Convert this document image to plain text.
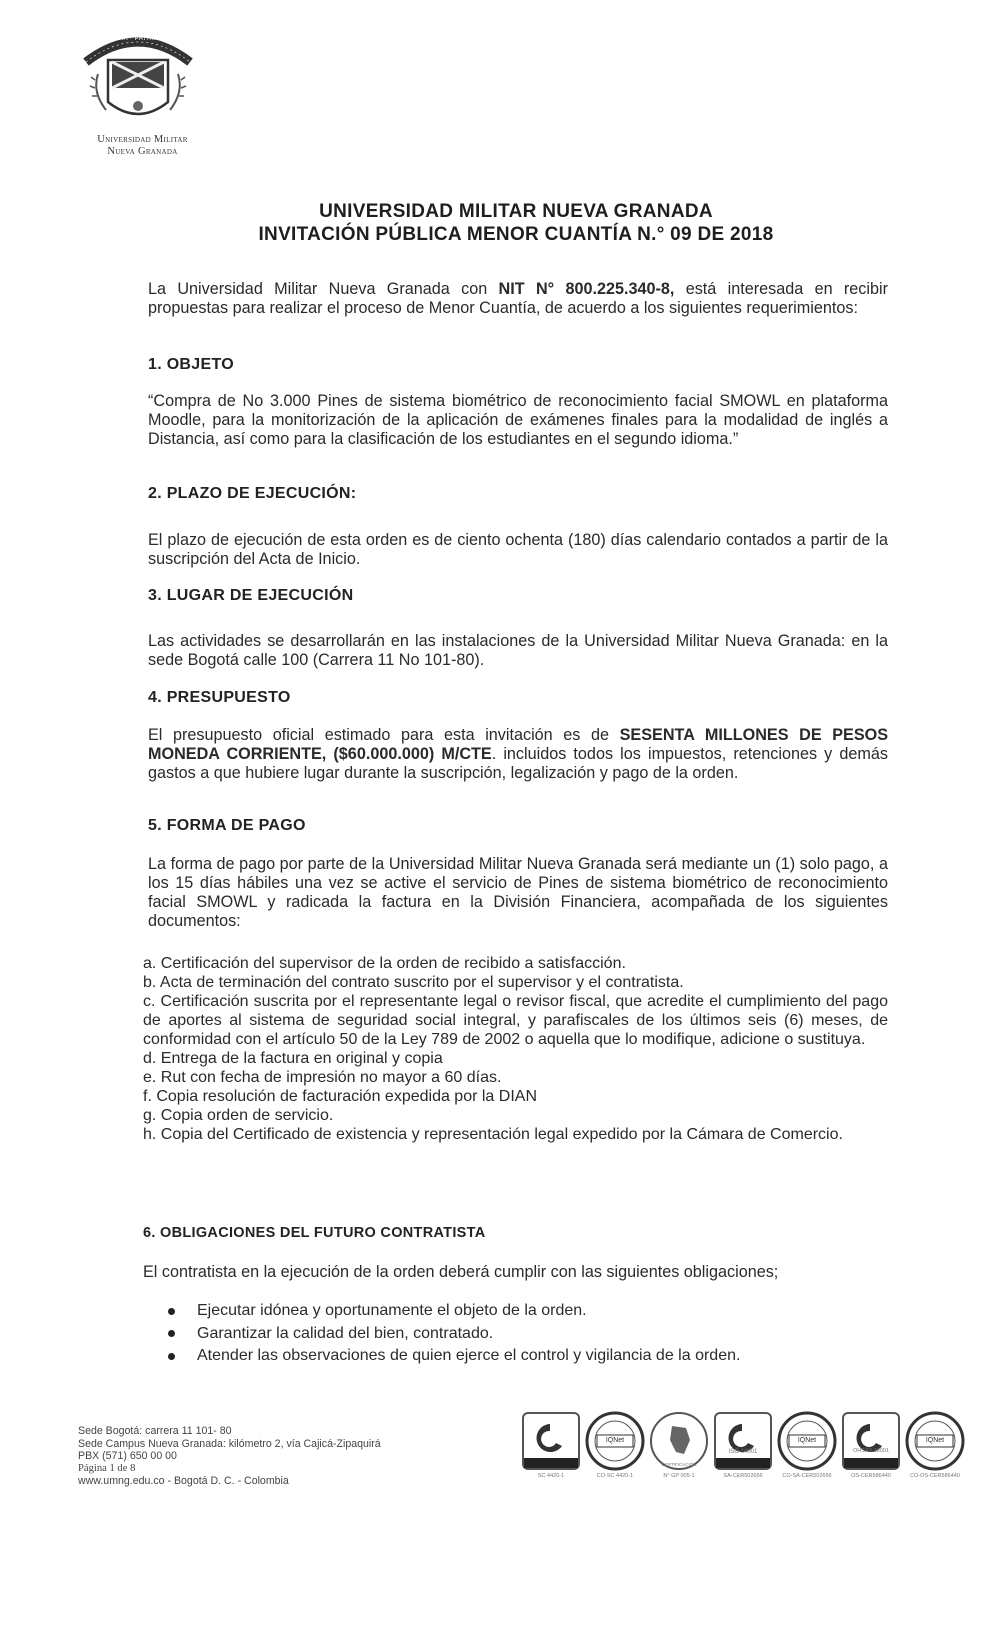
SCIENTIA · PATRIA · FAMILIA
Universidad Militar
Nueva Granada
UNIVERSIDAD MILITAR NUEVA GRANADA
INVITACIÓN PÚBLICA MENOR CUANTÍA N.° 09 DE 2018
La Universidad Militar Nueva Granada con NIT N° 800.225.340-8, está interesada en recibir propuestas para realizar el proceso de Menor Cuantía, de acuerdo a los siguientes requerimientos:
1. OBJETO
“Compra de No 3.000 Pines de sistema biométrico de reconocimiento facial SMOWL en plataforma Moodle, para la monitorización de la aplicación de exámenes finales para la modalidad de inglés a Distancia, así como para la clasificación de los estudiantes en el segundo idioma.”
2. PLAZO DE EJECUCIÓN:
El plazo de ejecución de esta orden es de ciento ochenta (180) días calendario contados a partir de la suscripción del Acta de Inicio.
3. LUGAR DE EJECUCIÓN
Las actividades se desarrollarán en las instalaciones de la Universidad Militar Nueva Granada: en la sede Bogotá calle 100 (Carrera 11 No 101-80).
4. PRESUPUESTO
El presupuesto oficial estimado para esta invitación es de SESENTA MILLONES DE PESOS MONEDA CORRIENTE, ($60.000.000) M/CTE. incluidos todos los impuestos, retenciones y demás gastos a que hubiere lugar durante la suscripción, legalización y pago de la orden.
5. FORMA DE PAGO
La forma de pago por parte de la Universidad Militar Nueva Granada será mediante un (1) solo pago, a los 15 días hábiles una vez se active el servicio de Pines de sistema biométrico de reconocimiento facial SMOWL y radicada la factura en la División Financiera, acompañada de los siguientes documentos:
a. Certificación del supervisor de la orden de recibido a satisfacción.
b. Acta de terminación del contrato suscrito por el supervisor y el contratista.
c. Certificación suscrita por el representante legal o revisor fiscal, que acredite el cumplimiento del pago de aportes al sistema de seguridad social integral, y parafiscales de los últimos seis (6) meses, de conformidad con el artículo 50 de la Ley 789 de 2002 o aquella que lo modifique, adicione o sustituya.
d. Entrega de la factura en original y copia
e. Rut con fecha de impresión no mayor a 60 días.
f. Copia resolución de facturación expedida por la DIAN
g. Copia orden de servicio.
h. Copia del Certificado de existencia y representación legal expedido por la Cámara de Comercio.
6. OBLIGACIONES DEL FUTURO CONTRATISTA
El contratista en la ejecución de la orden deberá cumplir con las siguientes obligaciones;
Ejecutar idónea y oportunamente el objeto de la orden.
Garantizar la calidad del bien, contratado.
Atender las observaciones de quien ejerce el control y vigilancia de la orden.
Sede Bogotá: carrera 11 101- 80
Sede Campus Nueva Granada: kilómetro 2, vía Cajicá-Zipaquirá
PBX (571) 650 00 00
Página 1 de 8
www.umng.edu.co - Bogotá D. C. - Colombia
ISO 9001
SC 4420-1
IQNet
CO-SC 4420-1
CERTIFICACIÓN
N° GP 005-1
ISO 14001
SA-CER502656
IQNet
CO-SA-CER502656
OHSAS 18001
OS-CER586440
IQNet
CO-OS-CER586440
